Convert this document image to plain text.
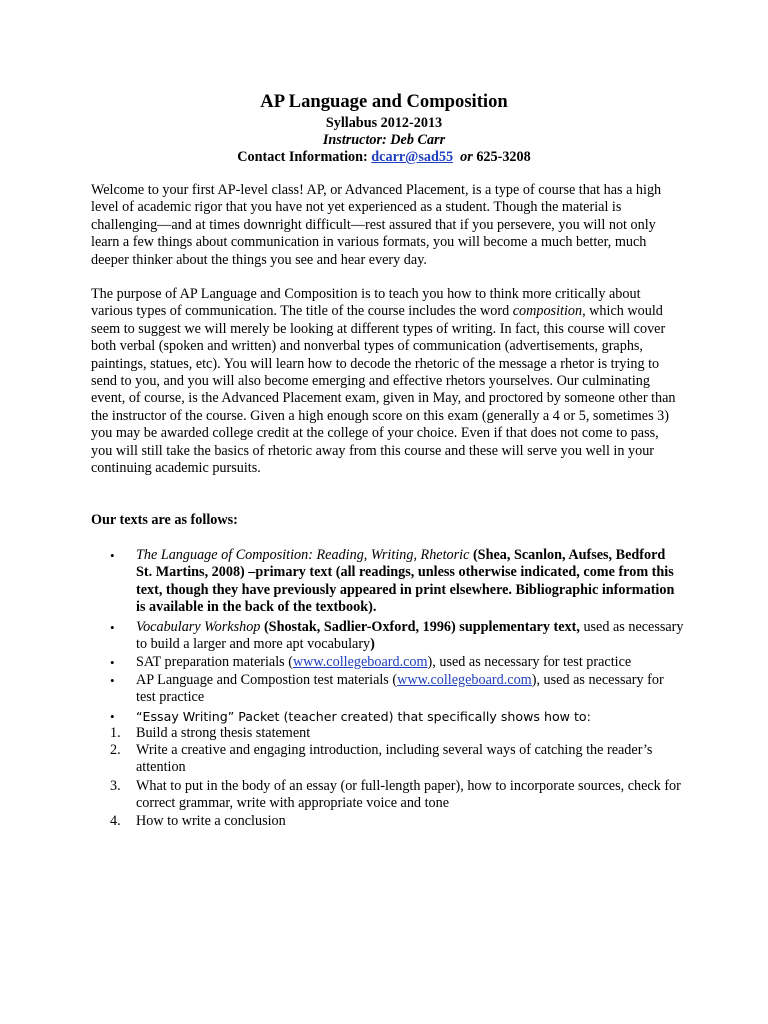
AP Language and Composition
Syllabus 2012-2013
Instructor: Deb Carr
Contact Information: dcarr@sad55 or 625-3208

Welcome to your first AP-level class! AP, or Advanced Placement, is a type of course that has a high level of academic rigor that you have not yet experienced as a student. Though the material is challenging—and at times downright difficult—rest assured that if you persevere, you will not only learn a few things about communication in various formats, you will become a much better, much deeper thinker about the things you see and hear every day.

The purpose of AP Language and Composition is to teach you how to think more critically about various types of communication. The title of the course includes the word composition, which would seem to suggest we will merely be looking at different types of writing. In fact, this course will cover both verbal (spoken and written) and nonverbal types of communication (advertisements, graphs, paintings, statues, etc). You will learn how to decode the rhetoric of the message a rhetor is trying to send to you, and you will also become emerging and effective rhetors yourselves. Our culminating event, of course, is the Advanced Placement exam, given in May, and proctored by someone other than the instructor of the course. Given a high enough score on this exam (generally a 4 or 5, sometimes 3) you may be awarded college credit at the college of your choice. Even if that does not come to pass, you will still take the basics of rhetoric away from this course and these will serve you well in your continuing academic pursuits.

Our texts are as follows:

•	The Language of Composition: Reading, Writing, Rhetoric (Shea, Scanlon, Aufses, Bedford St. Martins, 2008) –primary text (all readings, unless otherwise indicated, come from this text, though they have previously appeared in print elsewhere. Bibliographic information is available in the back of the textbook).

•	Vocabulary Workshop (Shostak, Sadlier-Oxford, 1996) supplementary text, used as necessary to build a larger and more apt vocabulary)

•	SAT preparation materials (www.collegeboard.com), used as necessary for test practice

•	AP Language and Compostion test materials (www.collegeboard.com), used as necessary for test practice

•	“Essay Writing” Packet (teacher created) that specifically shows how to:

1.	Build a strong thesis statement

2.	Write a creative and engaging introduction, including several ways of catching the reader’s attention

3.	What to put in the body of an essay (or full-length paper), how to incorporate sources, check for correct grammar, write with appropriate voice and tone

4.	How to write a conclusion
